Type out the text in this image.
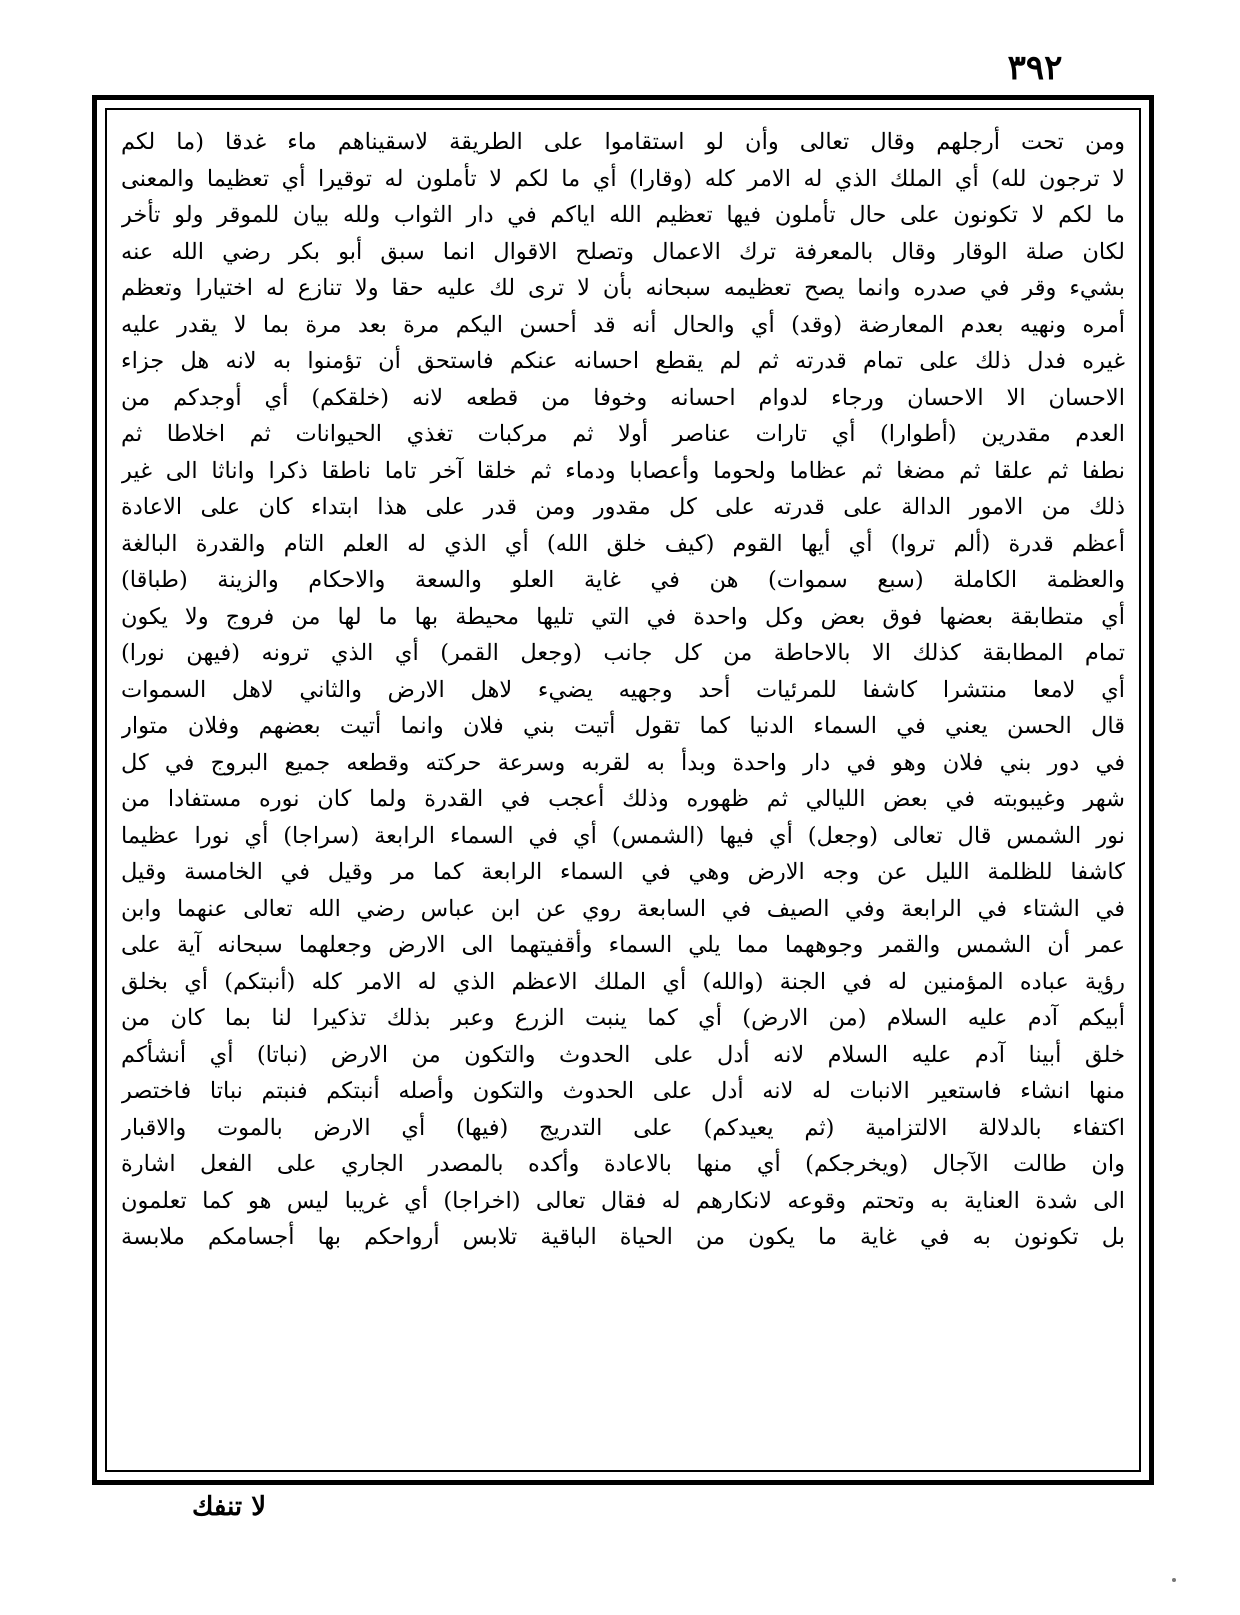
٣٩٢
ومن تحت أرجلهم وقال تعالى وأن لو استقاموا على الطريقة لاسقيناهم ماء غدقا (ما لكم
لا ترجون لله) أي الملك الذي له الامر كله (وقارا) أي ما لكم لا تأملون له توقيرا أي تعظيما والمعنى
ما لكم لا تكونون على حال تأملون فيها تعظيم الله اياكم في دار الثواب ولله بيان للموقر ولو تأخر
لكان صلة الوقار وقال بالمعرفة ترك الاعمال وتصلح الاقوال انما سبق أبو بكر رضي الله عنه
بشيء وقر في صدره وانما يصح تعظيمه سبحانه بأن لا ترى لك عليه حقا ولا تنازع له اختيارا وتعظم
أمره ونهيه بعدم المعارضة (وقد) أي والحال أنه قد أحسن اليكم مرة بعد مرة بما لا يقدر عليه
غيره فدل ذلك على تمام قدرته ثم لم يقطع احسانه عنكم فاستحق أن تؤمنوا به لانه هل جزاء
الاحسان الا الاحسان ورجاء لدوام احسانه وخوفا من قطعه لانه (خلقكم) أي أوجدكم من
العدم مقدرين (أطوارا) أي تارات عناصر أولا ثم مركبات تغذي الحيوانات ثم اخلاطا ثم
نطفا ثم علقا ثم مضغا ثم عظاما ولحوما وأعصابا ودماء ثم خلقا آخر تاما ناطقا ذكرا واناثا الى غير
ذلك من الامور الدالة على قدرته على كل مقدور ومن قدر على هذا ابتداء كان على الاعادة
أعظم قدرة (ألم تروا) أي أيها القوم (كيف خلق الله) أي الذي له العلم التام والقدرة البالغة
والعظمة الكاملة (سبع سموات) هن في غاية العلو والسعة والاحكام والزينة (طباقا)
أي متطابقة بعضها فوق بعض وكل واحدة في التي تليها محيطة بها ما لها من فروج ولا يكون
تمام المطابقة كذلك الا بالاحاطة من كل جانب (وجعل القمر) أي الذي ترونه (فيهن نورا)
أي لامعا منتشرا كاشفا للمرئيات أحد وجهيه يضيء لاهل الارض والثاني لاهل السموات
قال الحسن يعني في السماء الدنيا كما تقول أتيت بني فلان وانما أتيت بعضهم وفلان متوار
في دور بني فلان وهو في دار واحدة وبدأ به لقربه وسرعة حركته وقطعه جميع البروج في كل
شهر وغيبوبته في بعض الليالي ثم ظهوره وذلك أعجب في القدرة ولما كان نوره مستفادا من
نور الشمس قال تعالى (وجعل) أي فيها (الشمس) أي في السماء الرابعة (سراجا) أي نورا عظيما
كاشفا للظلمة الليل عن وجه الارض وهي في السماء الرابعة كما مر وقيل في الخامسة وقيل
في الشتاء في الرابعة وفي الصيف في السابعة روي عن ابن عباس رضي الله تعالى عنهما وابن
عمر أن الشمس والقمر وجوههما مما يلي السماء وأقفيتهما الى الارض وجعلهما سبحانه آية على
رؤية عباده المؤمنين له في الجنة (والله) أي الملك الاعظم الذي له الامر كله (أنبتكم) أي بخلق
أبيكم آدم عليه السلام (من الارض) أي كما ينبت الزرع وعبر بذلك تذكيرا لنا بما كان من
خلق أبينا آدم عليه السلام لانه أدل على الحدوث والتكون من الارض (نباتا) أي أنشأكم
منها انشاء فاستعير الانبات له لانه أدل على الحدوث والتكون وأصله أنبتكم فنبتم نباتا فاختصر
اكتفاء بالدلالة الالتزامية (ثم يعيدكم) على التدريج (فيها) أي الارض بالموت والاقبار
وان طالت الآجال (ويخرجكم) أي منها بالاعادة وأكده بالمصدر الجاري على الفعل اشارة
الى شدة العناية به وتحتم وقوعه لانكارهم له فقال تعالى (اخراجا) أي غريبا ليس هو كما تعلمون
بل تكونون به في غاية ما يكون من الحياة الباقية تلابس أرواحكم بها أجسامكم ملابسة
لا تنفك
